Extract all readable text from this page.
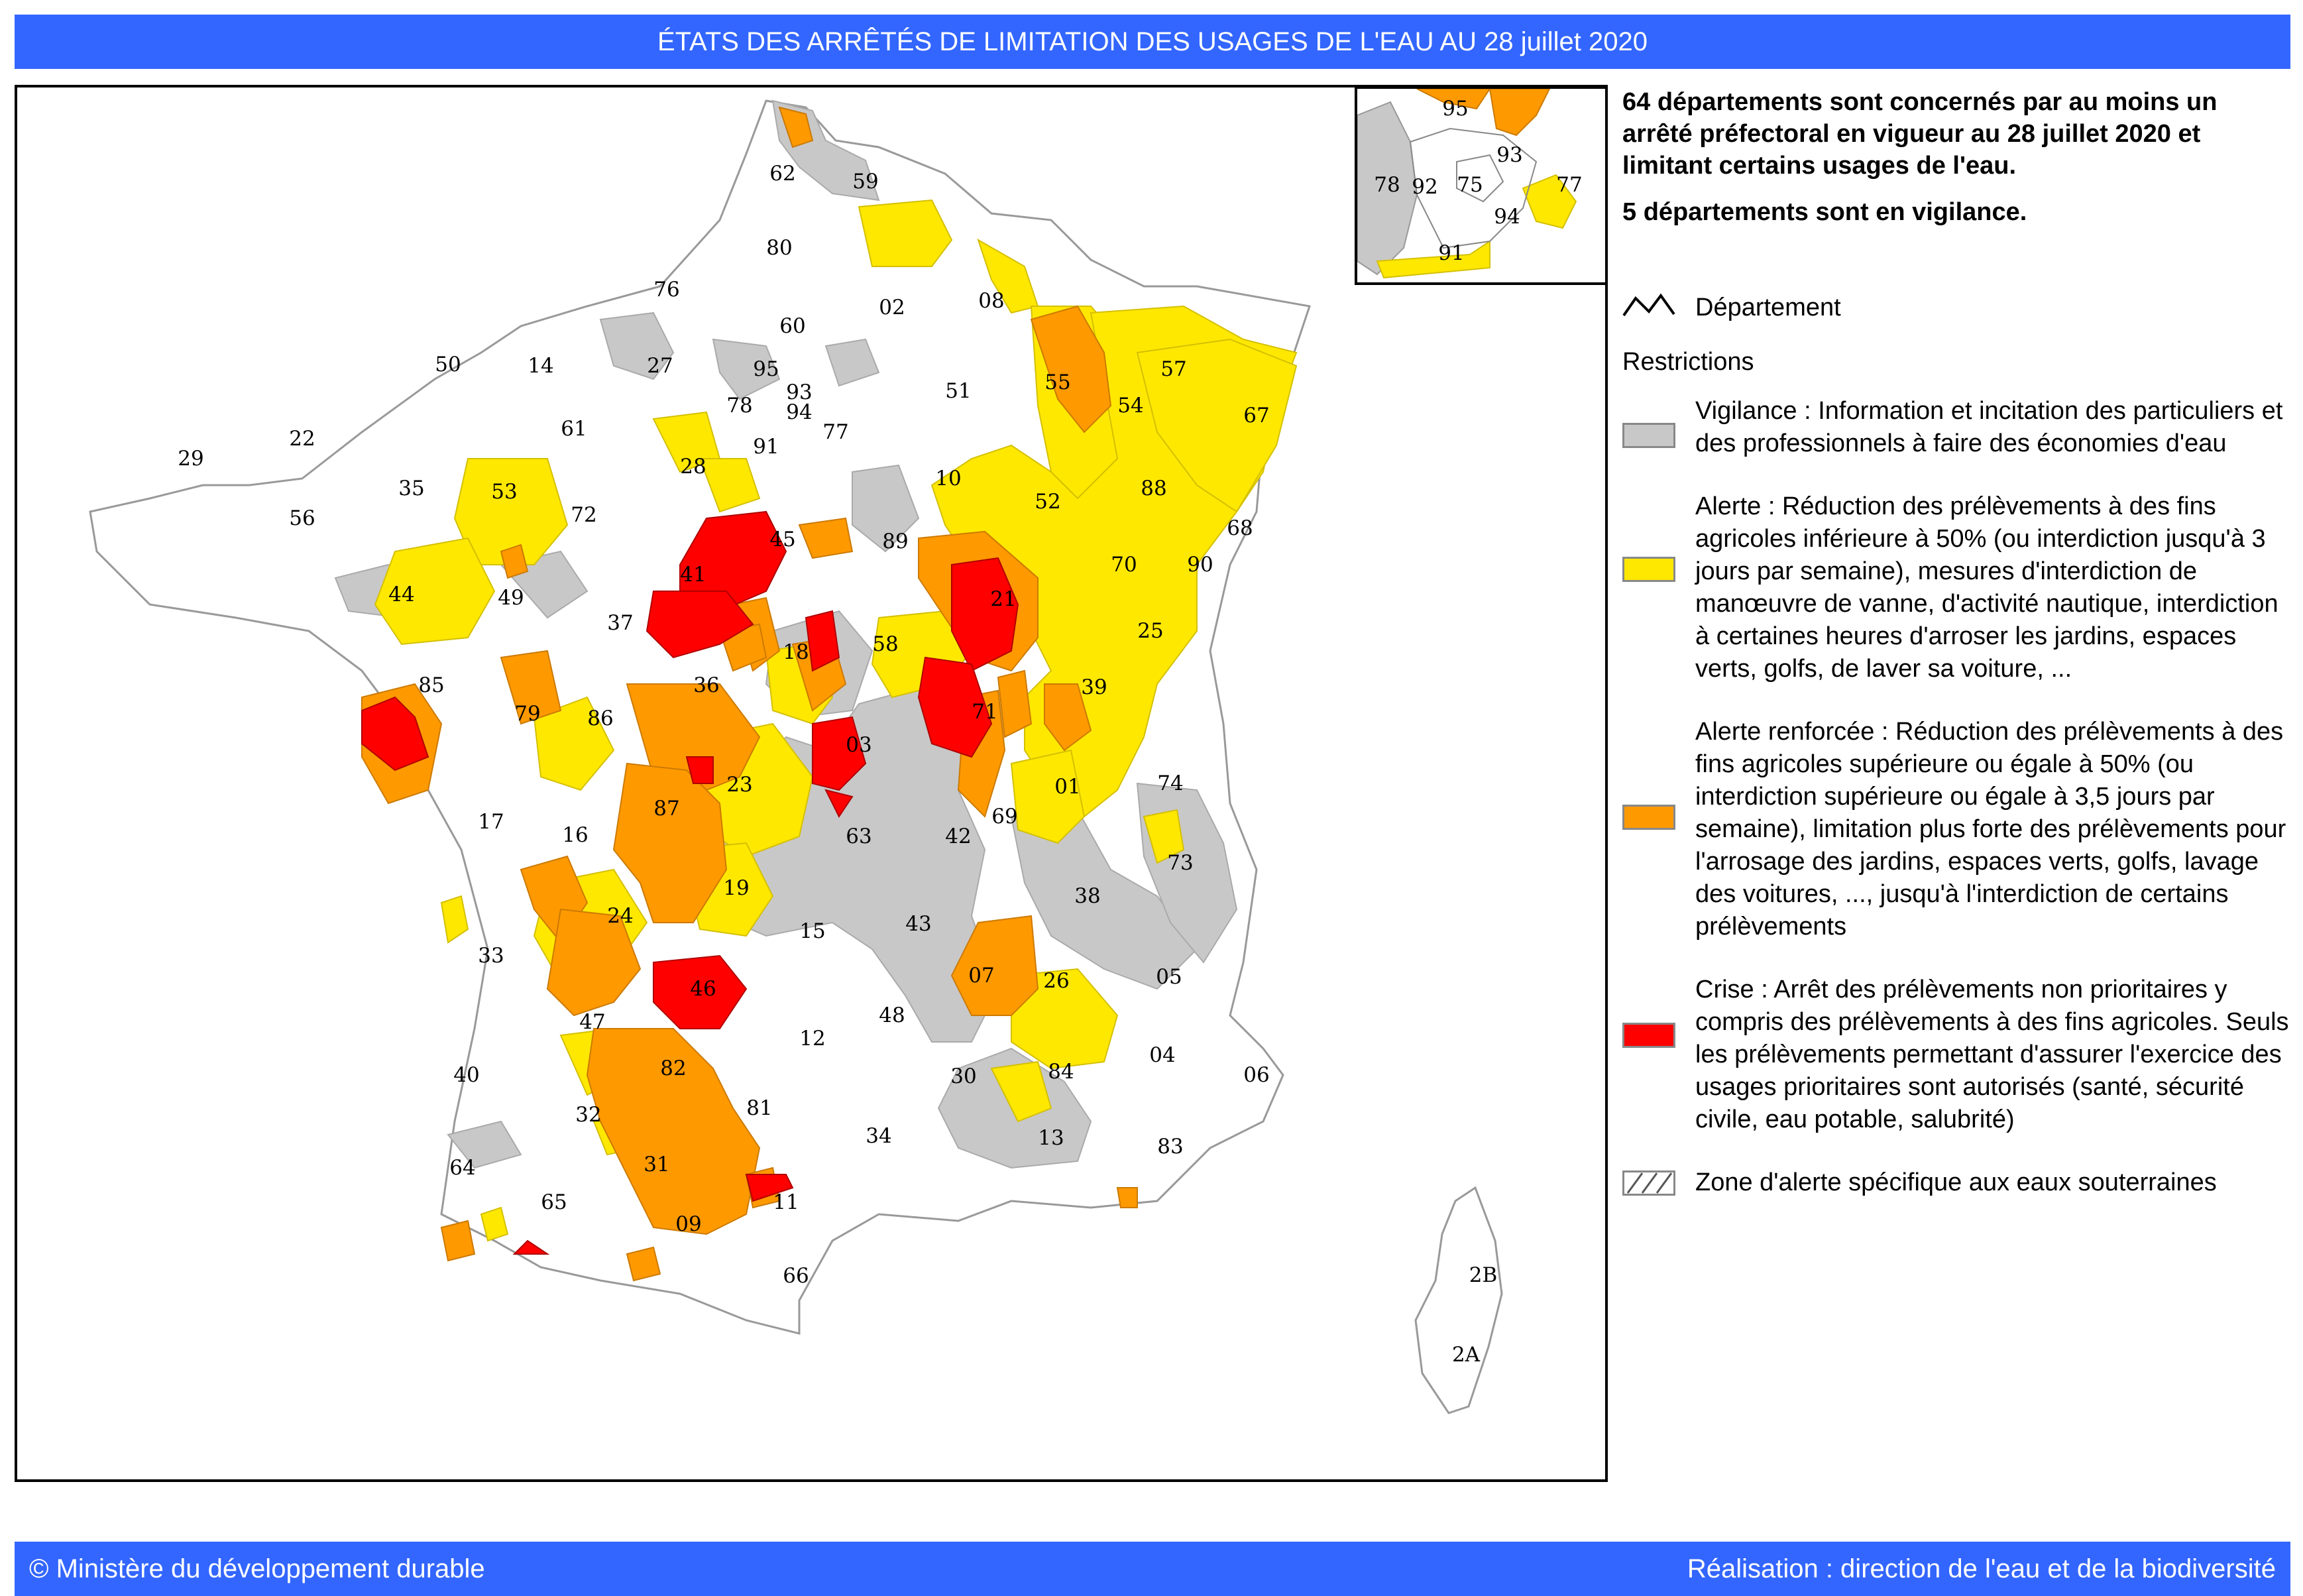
ÉTATS DES ARRÊTÉS DE LIMITATION DES USAGES DE L'EAU AU 28 juillet 2020
62	59
80
02	08
76
60
27
14
50	95
93
94
78
91
77
51	55
57
54	67
29
22	61
35	53
72
28	10
52
88
56	68
44	49
41
45	89
21
70 90
37	25
85	36
18	58
39
79 86
03
71
01	74
17
87
23
16	63
69
42
73
19	38
24
15	43
33
46
07 26	05
47	48
12
40	82	30	84
04
06
32	81
13
64	31
34	83
65
09
11
66	2B
2A
95
93
78 92 75	77
94
91

64 départements sont concernés par au moins un arrêté préfectoral en vigueur au 28 juillet 2020 et limitant certains usages de l'eau.

5 départements sont en vigilance.

Département
Restrictions
Vigilance : Information et incitation des particuliers et des professionnels à faire des économies d'eau
Alerte : Réduction des prélèvements à des fins agricoles inférieure à 50% (ou interdiction jusqu'à 3 jours par semaine), mesures d'interdiction de manœuvre de vanne, d'activité nautique, interdiction à certaines heures d'arroser les jardins, espaces verts, golfs, de laver sa voiture, ...
Alerte renforcée : Réduction des prélèvements à des fins agricoles supérieure ou égale à 50% (ou interdiction supérieure ou égale à 3,5 jours par semaine), limitation plus forte des prélèvements pour l'arrosage des jardins, espaces verts, golfs, lavage des voitures, ..., jusqu'à l'interdiction de certains prélèvements
Crise : Arrêt des prélèvements non prioritaires y compris des prélèvements à des fins agricoles. Seuls les prélèvements permettant d'assurer l'exercice des usages prioritaires sont autorisés (santé, sécurité civile, eau potable, salubrité)
Zone d'alerte spécifique aux eaux souterraines
© Ministère du développement durable	Réalisation : direction de l'eau et de la biodiversité
